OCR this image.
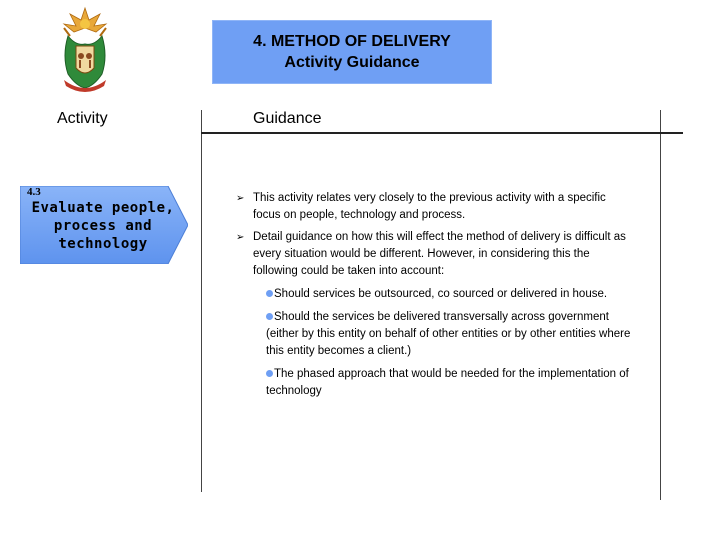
4. METHOD OF DELIVERY
Activity Guidance
Activity	Guidance
4.3
Evaluate people, process and technology
➢ This activity relates very closely to the previous activity with a specific focus on people, technology and process.
➢ Detail guidance on how this will effect the method of delivery is difficult as every situation would be different. However, in considering this the following could be taken into account:
Should services be outsourced, co sourced or delivered in house.
Should the services be delivered transversally across government (either by this entity on behalf of other entities or by other entities where this entity becomes a client.)
The phased approach that would be needed for the implementation of technology
